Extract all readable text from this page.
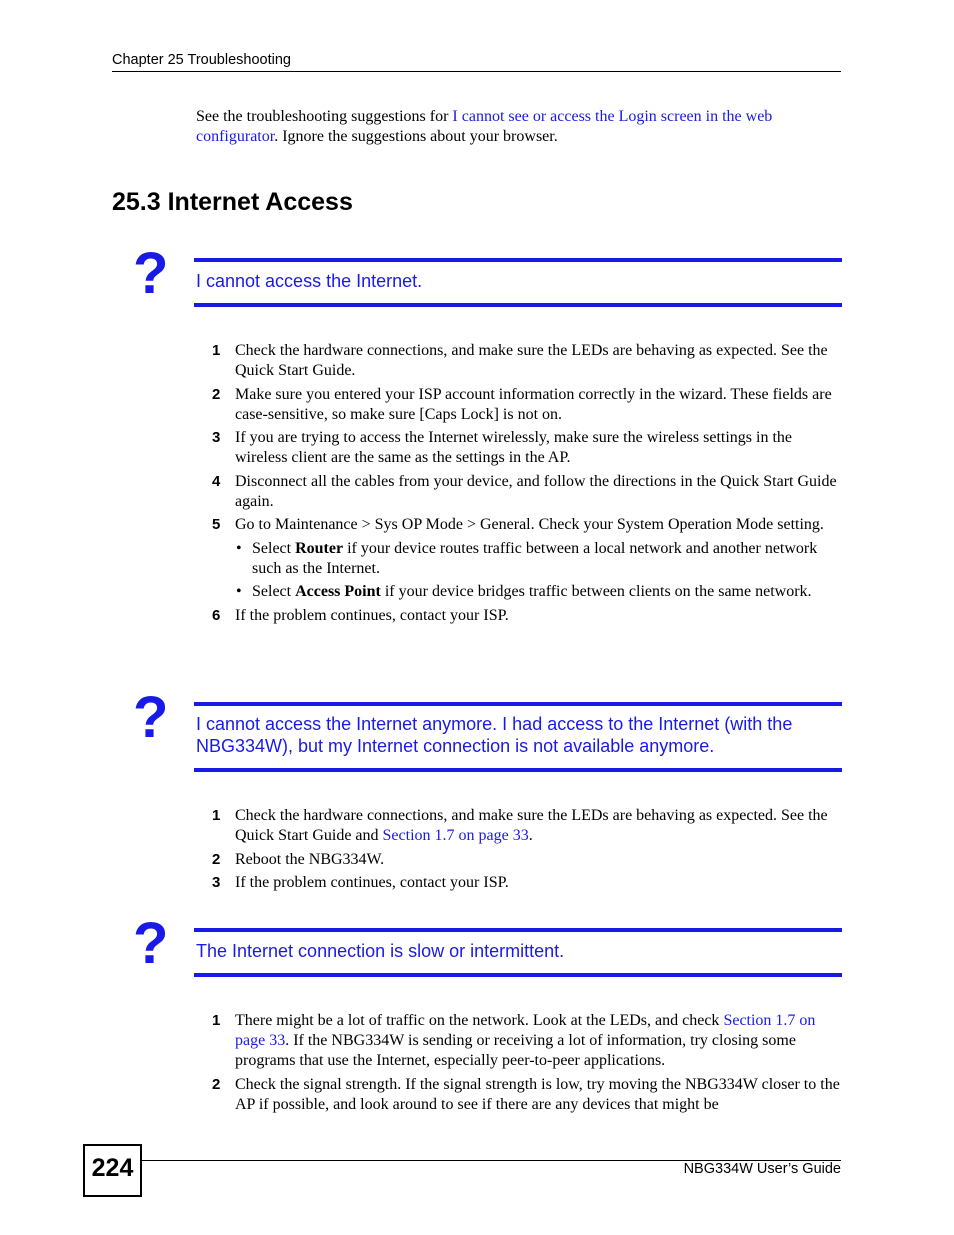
Chapter 25 Troubleshooting

See the troubleshooting suggestions for I cannot see or access the Login screen in the web configurator. Ignore the suggestions about your browser.

25.3 Internet Access
? I cannot access the Internet.
1 Check the hardware connections, and make sure the LEDs are behaving as expected. See the Quick Start Guide.
2 Make sure you entered your ISP account information correctly in the wizard. These fields are case-sensitive, so make sure [Caps Lock] is not on.
3 If you are trying to access the Internet wirelessly, make sure the wireless settings in the wireless client are the same as the settings in the AP.
4 Disconnect all the cables from your device, and follow the directions in the Quick Start Guide again.
5 Go to Maintenance > Sys OP Mode > General. Check your System Operation Mode setting.
• Select Router if your device routes traffic between a local network and another network such as the Internet.
• Select Access Point if your device bridges traffic between clients on the same network.
6 If the problem continues, contact your ISP.
? I cannot access the Internet anymore. I had access to the Internet (with the NBG334W), but my Internet connection is not available anymore.
1 Check the hardware connections, and make sure the LEDs are behaving as expected. See the Quick Start Guide and Section 1.7 on page 33.
2 Reboot the NBG334W.
3 If the problem continues, contact your ISP.
? The Internet connection is slow or intermittent.
1 There might be a lot of traffic on the network. Look at the LEDs, and check Section 1.7 on page 33. If the NBG334W is sending or receiving a lot of information, try closing some programs that use the Internet, especially peer-to-peer applications.
2 Check the signal strength. If the signal strength is low, try moving the NBG334W closer to the AP if possible, and look around to see if there are any devices that might be
224	NBG334W User’s Guide
